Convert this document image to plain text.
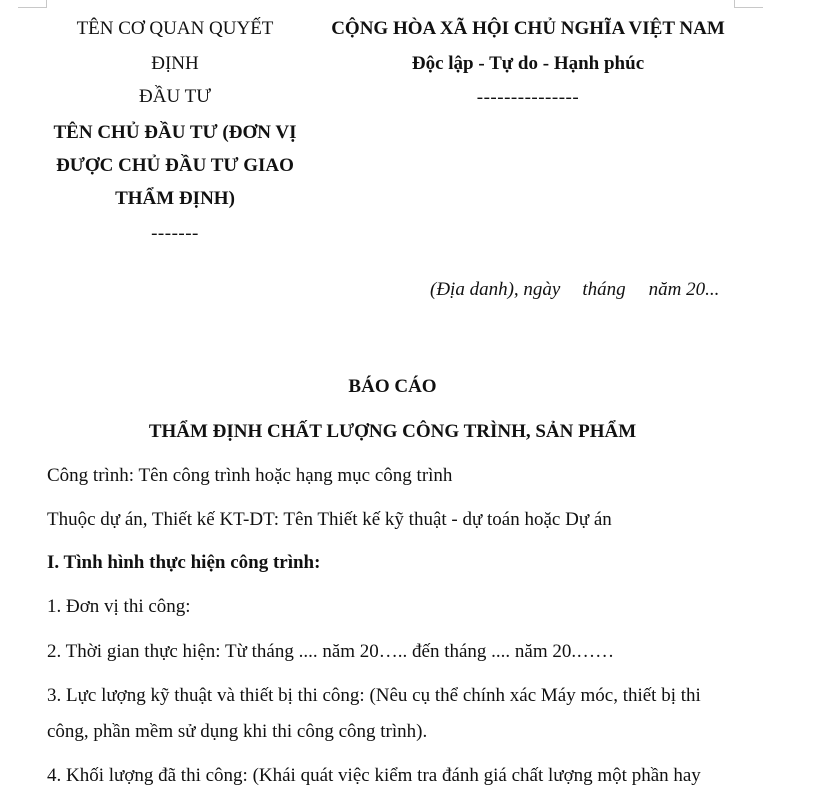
TÊN CƠ QUAN QUYẾT
ĐỊNH
ĐẦU TƯ
TÊN CHỦ ĐẦU TƯ (ĐƠN VỊ
ĐƯỢC CHỦ ĐẦU TƯ GIAO
THẨM ĐỊNH)
-------
CỘNG HÒA XÃ HỘI CHỦ NGHĨA VIỆT NAM
Độc lập - Tự do - Hạnh phúc
---------------
(Địa danh), ngày tháng năm 20...
BÁO CÁO
THẨM ĐỊNH CHẤT LƯỢNG CÔNG TRÌNH, SẢN PHẨM
Công trình: Tên công trình hoặc hạng mục công trình
Thuộc dự án, Thiết kế KT-DT: Tên Thiết kế kỹ thuật - dự toán hoặc Dự án
I. Tình hình thực hiện công trình:
1. Đơn vị thi công:
2. Thời gian thực hiện: Từ tháng .... năm 20….. đến tháng .... năm 20.……
3. Lực lượng kỹ thuật và thiết bị thi công: (Nêu cụ thể chính xác Máy móc, thiết bị thi
công, phần mềm sử dụng khi thi công công trình).
4. Khối lượng đã thi công: (Khái quát việc kiểm tra đánh giá chất lượng một phần hay
